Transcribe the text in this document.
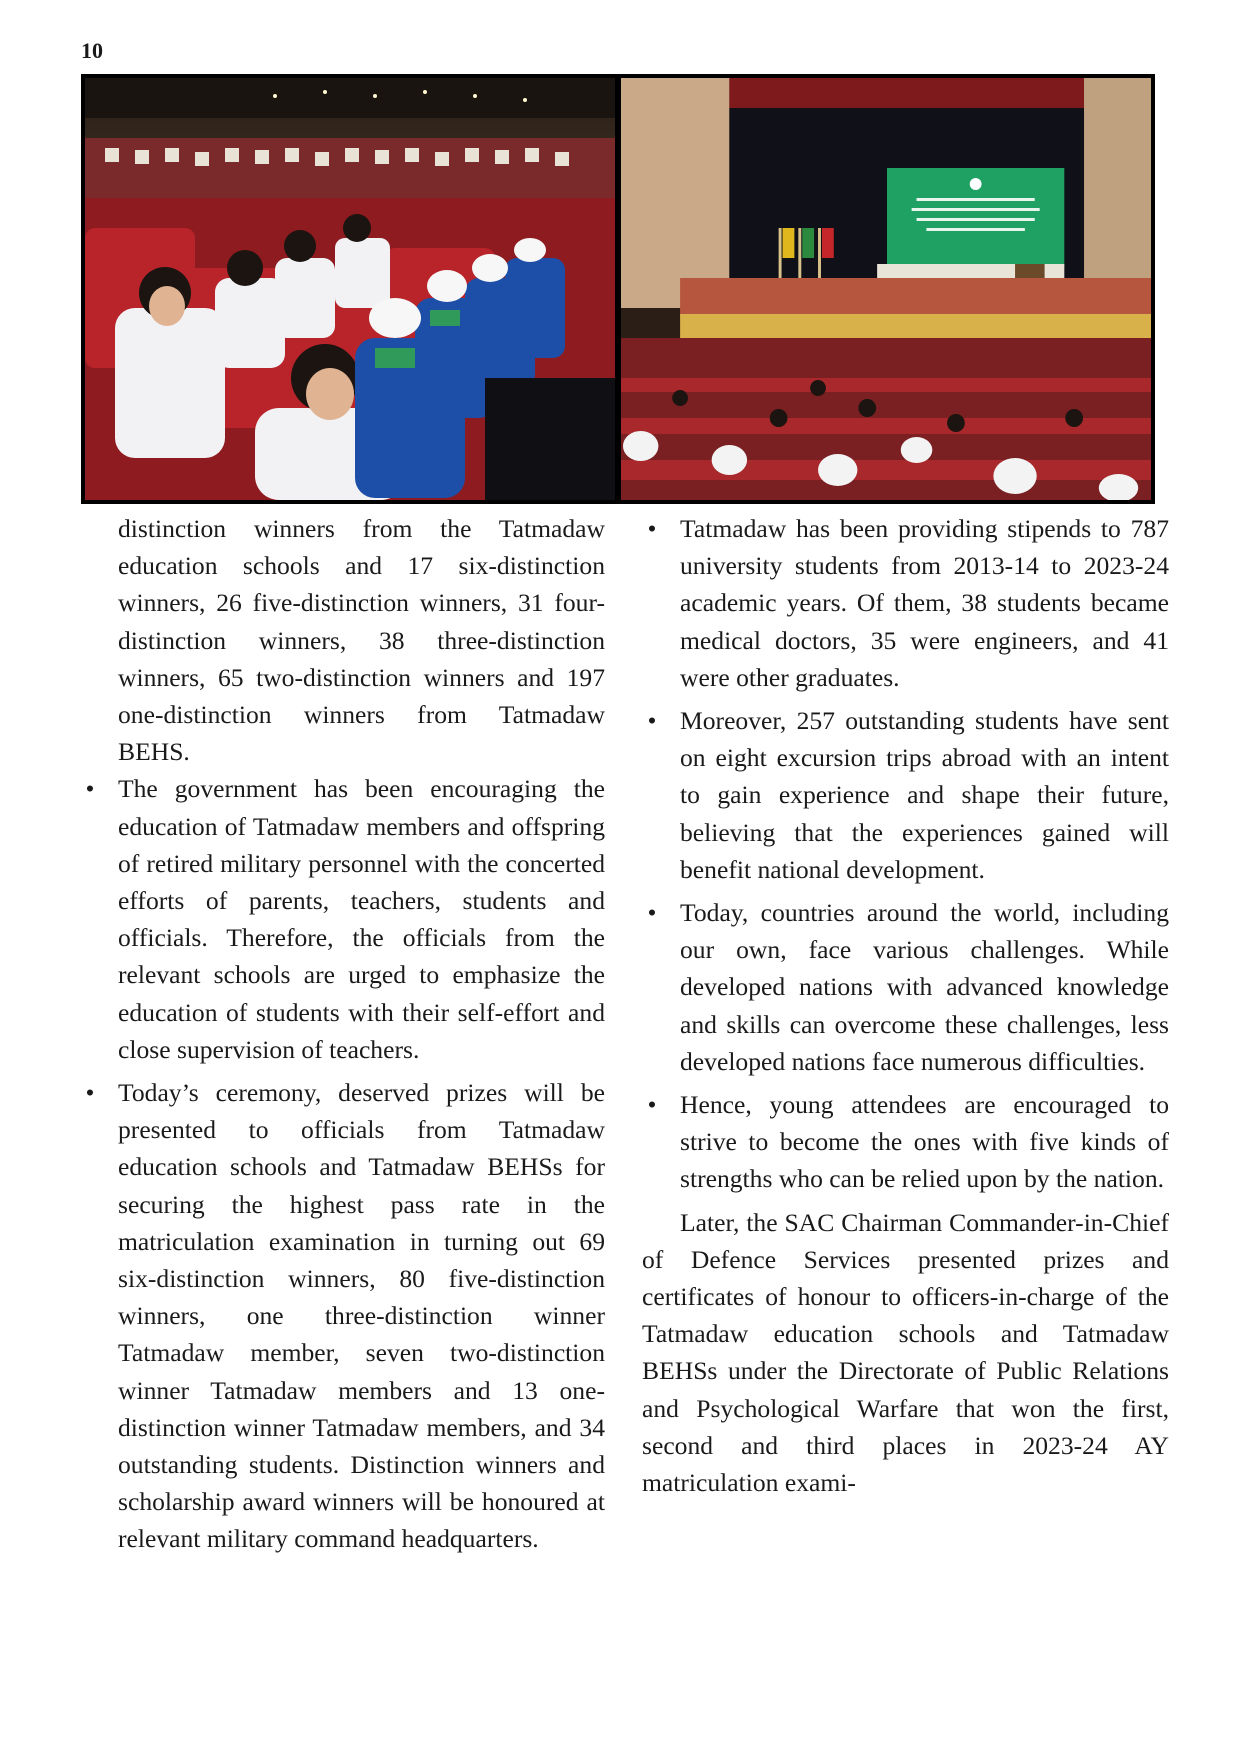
10

distinction winners from the Tatmadaw education schools and 17 six-distinction winners, 26 five-distinction winners, 31 four-distinction winners, 38 three-distinction winners, 65 two-distinction winners and 197 one-distinction winners from Tatmadaw BEHS.

• The government has been encouraging the education of Tatmadaw members and offspring of retired military personnel with the concerted efforts of parents, teachers, students and officials. Therefore, the officials from the relevant schools are urged to emphasize the education of students with their self-effort and close supervision of teachers.
• Today’s ceremony, deserved prizes will be presented to officials from Tatmadaw education schools and Tatmadaw BEHSs for securing the highest pass rate in the matriculation examination in turning out 69 six-distinction winners, 80 five-distinction winners, one three-distinction winner Tatmadaw member, seven two-distinction winner Tatmadaw members and 13 one-distinction winner Tatmadaw members, and 34 outstanding students. Distinction winners and scholarship award winners will be honoured at relevant military command headquarters.
• Tatmadaw has been providing stipends to 787 university students from 2013-14 to 2023-24 academic years. Of them, 38 students became medical doctors, 35 were engineers, and 41 were other graduates.
• Moreover, 257 outstanding students have sent on eight excursion trips abroad with an intent to gain experience and shape their future, believing that the experiences gained will benefit national development.
• Today, countries around the world, including our own, face various challenges. While developed nations with advanced knowledge and skills can overcome these challenges, less developed nations face numerous difficulties.
• Hence, young attendees are encouraged to strive to become the ones with five kinds of strengths who can be relied upon by the nation.

Later, the SAC Chairman Commander-in-Chief of Defence Services presented prizes and certificates of honour to officers-in-charge of the Tatmadaw education schools and Tatmadaw BEHSs under the Directorate of Public Relations and Psychological Warfare that won the first, second and third places in 2023-24 AY matriculation exami-
